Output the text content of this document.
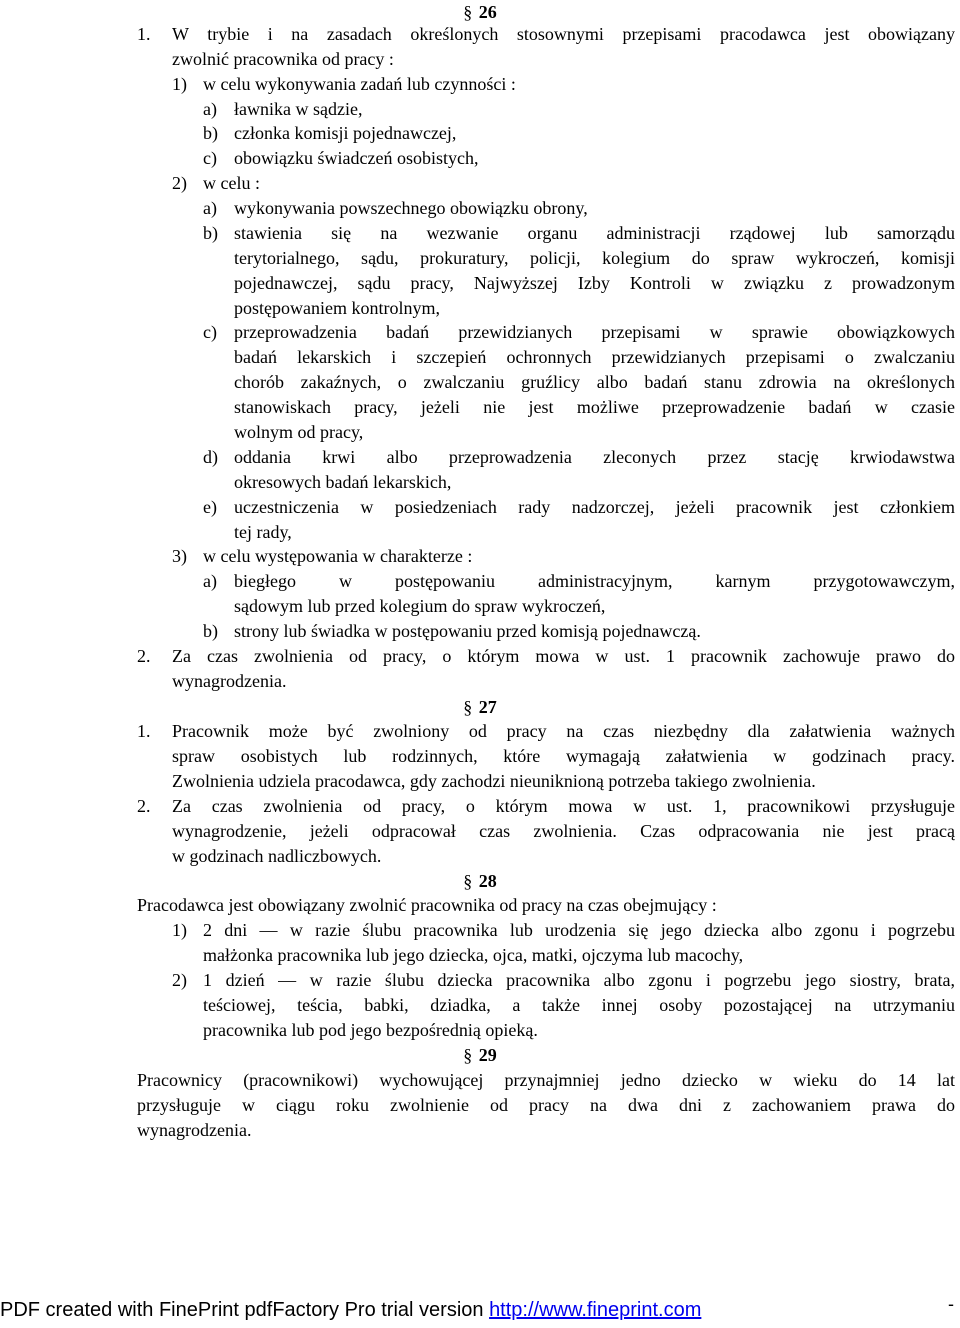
§ 26
1. W trybie i na zasadach określonych stosownymi przepisami pracodawca jest obowiązany
zwolnić pracownika od pracy :
1) w celu wykonywania zadań lub czynności :
a) ławnika w sądzie,
b) członka komisji pojednawczej,
c) obowiązku świadczeń osobistych,
2) w celu :
a) wykonywania powszechnego obowiązku obrony,
b) stawienia się na wezwanie organu administracji rządowej lub samorządu
terytorialnego, sądu, prokuratury, policji, kolegium do spraw wykroczeń, komisji
pojednawczej, sądu pracy, Najwyższej Izby Kontroli w związku z prowadzonym
postępowaniem kontrolnym,
c) przeprowadzenia badań przewidzianych przepisami w sprawie obowiązkowych
badań lekarskich i szczepień ochronnych przewidzianych przepisami o zwalczaniu
chorób zakaźnych, o zwalczaniu gruźlicy albo badań stanu zdrowia na określonych
stanowiskach pracy, jeżeli nie jest możliwe przeprowadzenie badań w czasie
wolnym od pracy,
d) oddania krwi albo przeprowadzenia zleconych przez stację krwiodawstwa
okresowych badań lekarskich,
e) uczestniczenia w posiedzeniach rady nadzorczej, jeżeli pracownik jest członkiem
tej rady,
3) w celu występowania w charakterze :
a) biegłego w postępowaniu administracyjnym, karnym przygotowawczym,
sądowym lub przed kolegium do spraw wykroczeń,
b) strony lub świadka w postępowaniu przed komisją pojednawczą.
2. Za czas zwolnienia od pracy, o którym mowa w ust. 1 pracownik zachowuje prawo do
wynagrodzenia.
§ 27
1. Pracownik może być zwolniony od pracy na czas niezbędny dla załatwienia ważnych
spraw osobistych lub rodzinnych, które wymagają załatwienia w godzinach pracy.
Zwolnienia udziela pracodawca, gdy zachodzi nieuniknioną potrzeba takiego zwolnienia.
2. Za czas zwolnienia od pracy, o którym mowa w ust. 1, pracownikowi przysługuje
wynagrodzenie, jeżeli odpracował czas zwolnienia. Czas odpracowania nie jest pracą
w godzinach nadliczbowych.
§ 28
Pracodawca jest obowiązany zwolnić pracownika od pracy na czas obejmujący :
1) 2 dni — w razie ślubu pracownika lub urodzenia się jego dziecka albo zgonu i pogrzebu
małżonka pracownika lub jego dziecka, ojca, matki, ojczyma lub macochy,
2) 1 dzień — w razie ślubu dziecka pracownika albo zgonu i pogrzebu jego siostry, brata,
teściowej, teścia, babki, dziadka, a także innej osoby pozostającej na utrzymaniu
pracownika lub pod jego bezpośrednią opieką.
§ 29
Pracownicy (pracownikowi) wychowującej przynajmniej jedno dziecko w wieku do 14 lat
przysługuje w ciągu roku zwolnienie od pracy na dwa dni z zachowaniem prawa do
wynagrodzenia.
PDF created with FinePrint pdfFactory Pro trial version http://www.fineprint.com	-
